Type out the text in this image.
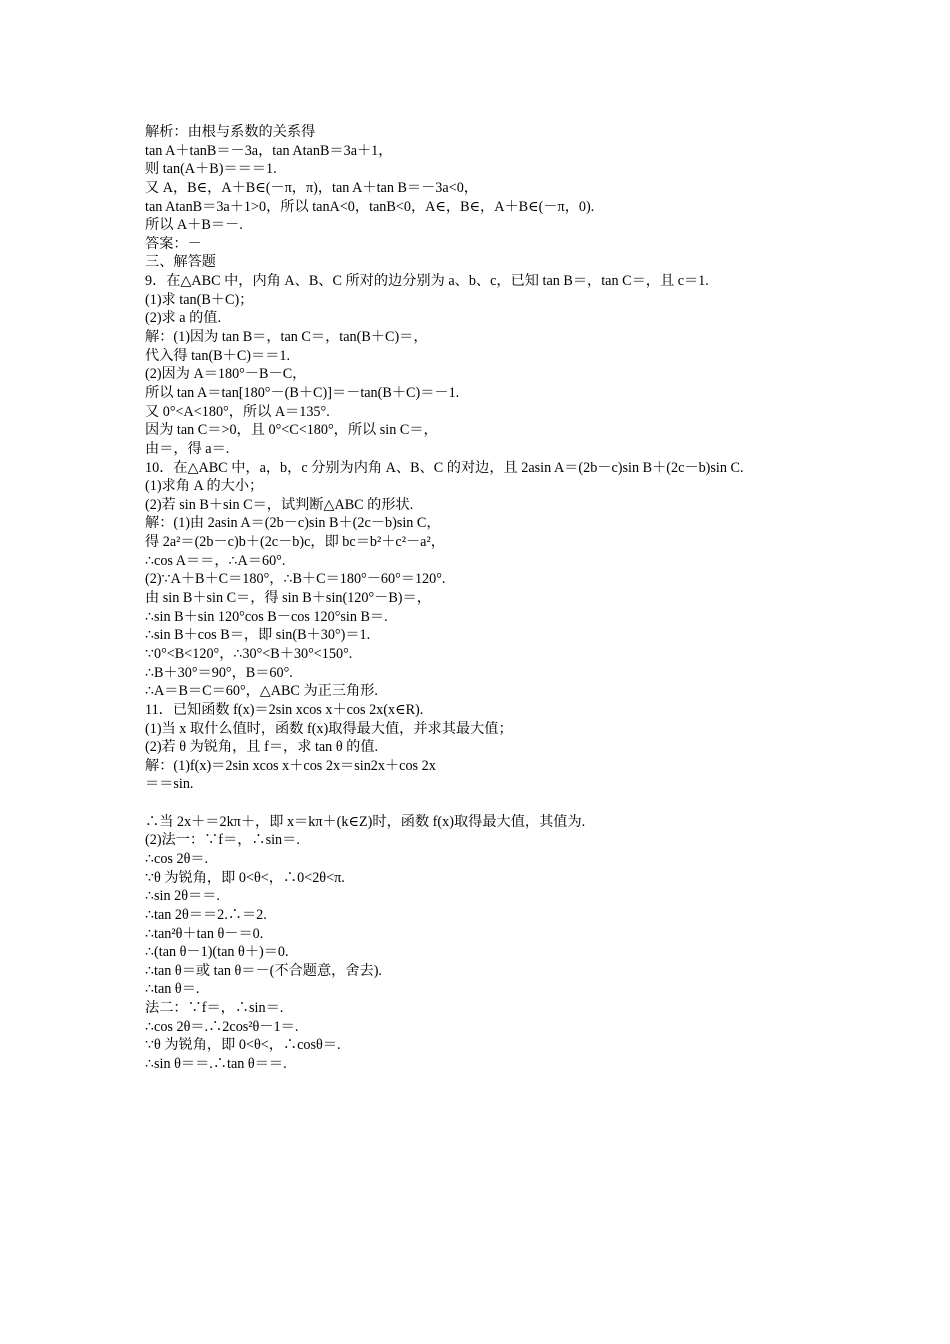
解析：由根与系数的关系得

tan A＋tanB＝－3a，tan AtanB＝3a＋1，

则 tan(A＋B)＝＝＝1.

又 A，B∈，A＋B∈(－π，π)，tan A＋tan B＝－3a<0，

tan AtanB＝3a＋1>0，所以 tanA<0，tanB<0，A∈，B∈，A＋B∈(－π，0).

所以 A＋B＝－.

答案：－

三、解答题

9．在△ABC 中，内角 A、B、C 所对的边分别为 a、b、c，已知 tan B＝，tan C＝，且 c＝1.

(1)求 tan(B＋C)；

(2)求 a 的值.

解：(1)因为 tan B＝，tan C＝，tan(B＋C)＝，

代入得 tan(B＋C)＝＝1.

(2)因为 A＝180°－B－C，

所以 tan A＝tan[180°－(B＋C)]＝－tan(B＋C)＝－1.

又 0°<A<180°，所以 A＝135°.

因为 tan C＝>0，且 0°<C<180°，所以 sin C＝，

由＝，得 a＝.

10．在△ABC 中，a，b，c 分别为内角 A、B、C 的对边，且 2asin A＝(2b－c)sin B＋(2c－b)sin C.

(1)求角 A 的大小；

(2)若 sin B＋sin C＝，试判断△ABC 的形状.

解：(1)由 2asin A＝(2b－c)sin B＋(2c－b)sin C，

得 2a²＝(2b－c)b＋(2c－b)c，即 bc＝b²＋c²－a²，

∴cos A＝＝，∴A＝60°.

(2)∵A＋B＋C＝180°，∴B＋C＝180°－60°＝120°.

由 sin B＋sin C＝，得 sin B＋sin(120°－B)＝，

∴sin B＋sin 120°cos B－cos 120°sin B＝.

∴sin B＋cos B＝，即 sin(B＋30°)＝1.

∵0°<B<120°，∴30°<B＋30°<150°.

∴B＋30°＝90°，B＝60°.

∴A＝B＝C＝60°，△ABC 为正三角形.

11．已知函数 f(x)＝2sin xcos x＋cos 2x(x∈R).

(1)当 x 取什么值时，函数 f(x)取得最大值，并求其最大值；

(2)若 θ 为锐角，且 f＝，求 tan θ 的值.

解：(1)f(x)＝2sin xcos x＋cos 2x＝sin2x＋cos 2x

＝＝sin.

∴当 2x＋＝2kπ＋，即 x＝kπ＋(k∈Z)时，函数 f(x)取得最大值，其值为.

(2)法一：∵f＝，∴sin＝.

∴cos 2θ＝.

∵θ 为锐角，即 0<θ<，∴0<2θ<π.

∴sin 2θ＝＝.

∴tan 2θ＝＝2.∴＝2.

∴tan²θ＋tan θ－＝0.

∴(tan θ－1)(tan θ＋)＝0.

∴tan θ＝或 tan θ＝－(不合题意，舍去).

∴tan θ＝.

法二：∵f＝，∴sin＝.

∴cos 2θ＝.∴2cos²θ－1＝.

∵θ 为锐角，即 0<θ<，∴cosθ＝.

∴sin θ＝＝.∴tan θ＝＝.
